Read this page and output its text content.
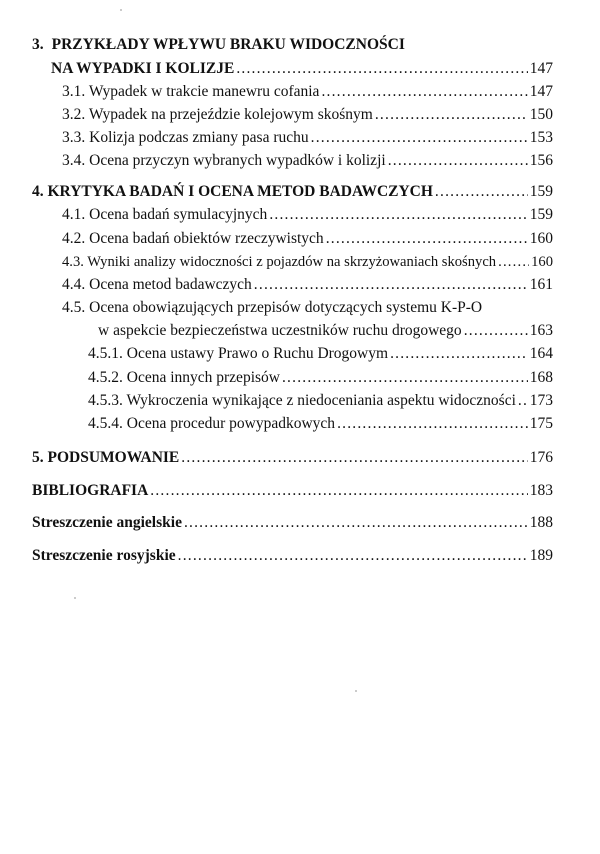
3. PRZYKŁADY WPŁYWU BRAKU WIDOCZNOŚCI
NA WYPADKI I KOLIZJE .....	147
3.1. Wypadek w trakcie manewru cofania .....	147
3.2. Wypadek na przejeździe kolejowym skośnym .....	150
3.3. Kolizja podczas zmiany pasa ruchu .....	153
3.4. Ocena przyczyn wybranych wypadków i kolizji .....	156
4. KRYTYKA BADAŃ I OCENA METOD BADAWCZYCH .....	159
4.1. Ocena badań symulacyjnych .....	159
4.2. Ocena badań obiektów rzeczywistych .....	160
4.3. Wyniki analizy widoczności z pojazdów na skrzyżowaniach skośnych ..... 160
4.4. Ocena metod badawczych .....	161
4.5. Ocena obowiązujących przepisów dotyczących systemu K-P-O
w aspekcie bezpieczeństwa uczestników ruchu drogowego .....	163
4.5.1. Ocena ustawy Prawo o Ruchu Drogowym .....	164
4.5.2. Ocena innych przepisów .....	168
4.5.3. Wykroczenia wynikające z niedoceniania aspektu widoczności ..... 173
4.5.4. Ocena procedur powypadkowych .....	175
5. PODSUMOWANIE .....	176
BIBLIOGRAFIA .....	183
Streszczenie angielskie .....	188
Streszczenie rosyjskie .....	189
